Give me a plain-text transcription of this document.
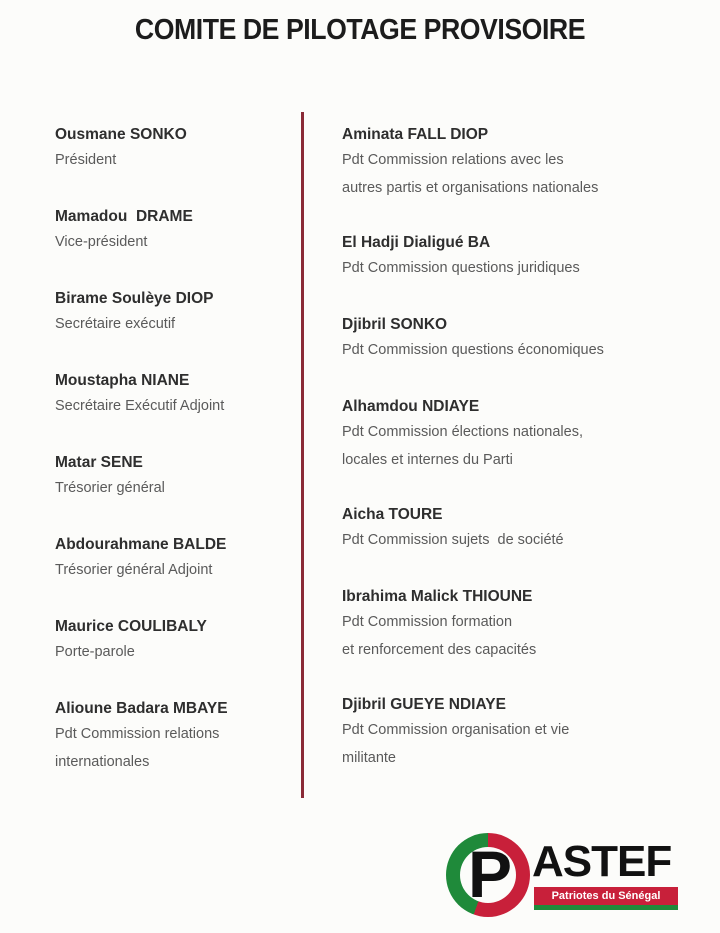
COMITE DE PILOTAGE PROVISOIRE
Ousmane SONKO
Président
Mamadou  DRAME
Vice-président
Birame Soulèye DIOP
Secrétaire exécutif
Moustapha NIANE
Secrétaire Exécutif Adjoint
Matar SENE
Trésorier général
Abdourahmane BALDE
Trésorier général Adjoint
Maurice COULIBALY
Porte-parole
Alioune Badara MBAYE
Pdt Commission relations
internationales
Aminata FALL DIOP
Pdt Commission relations avec les
autres partis et organisations nationales
El Hadji Dialigué BA
Pdt Commission questions juridiques
Djibril SONKO
Pdt Commission questions économiques
Alhamdou NDIAYE
Pdt Commission élections nationales,
locales et internes du Parti
Aicha TOURE
Pdt Commission sujets  de société
Ibrahima Malick THIOUNE
Pdt Commission formation
et renforcement des capacités
Djibril GUEYE NDIAYE
Pdt Commission organisation et vie
militante
P ASTEF
Patriotes du Sénégal
